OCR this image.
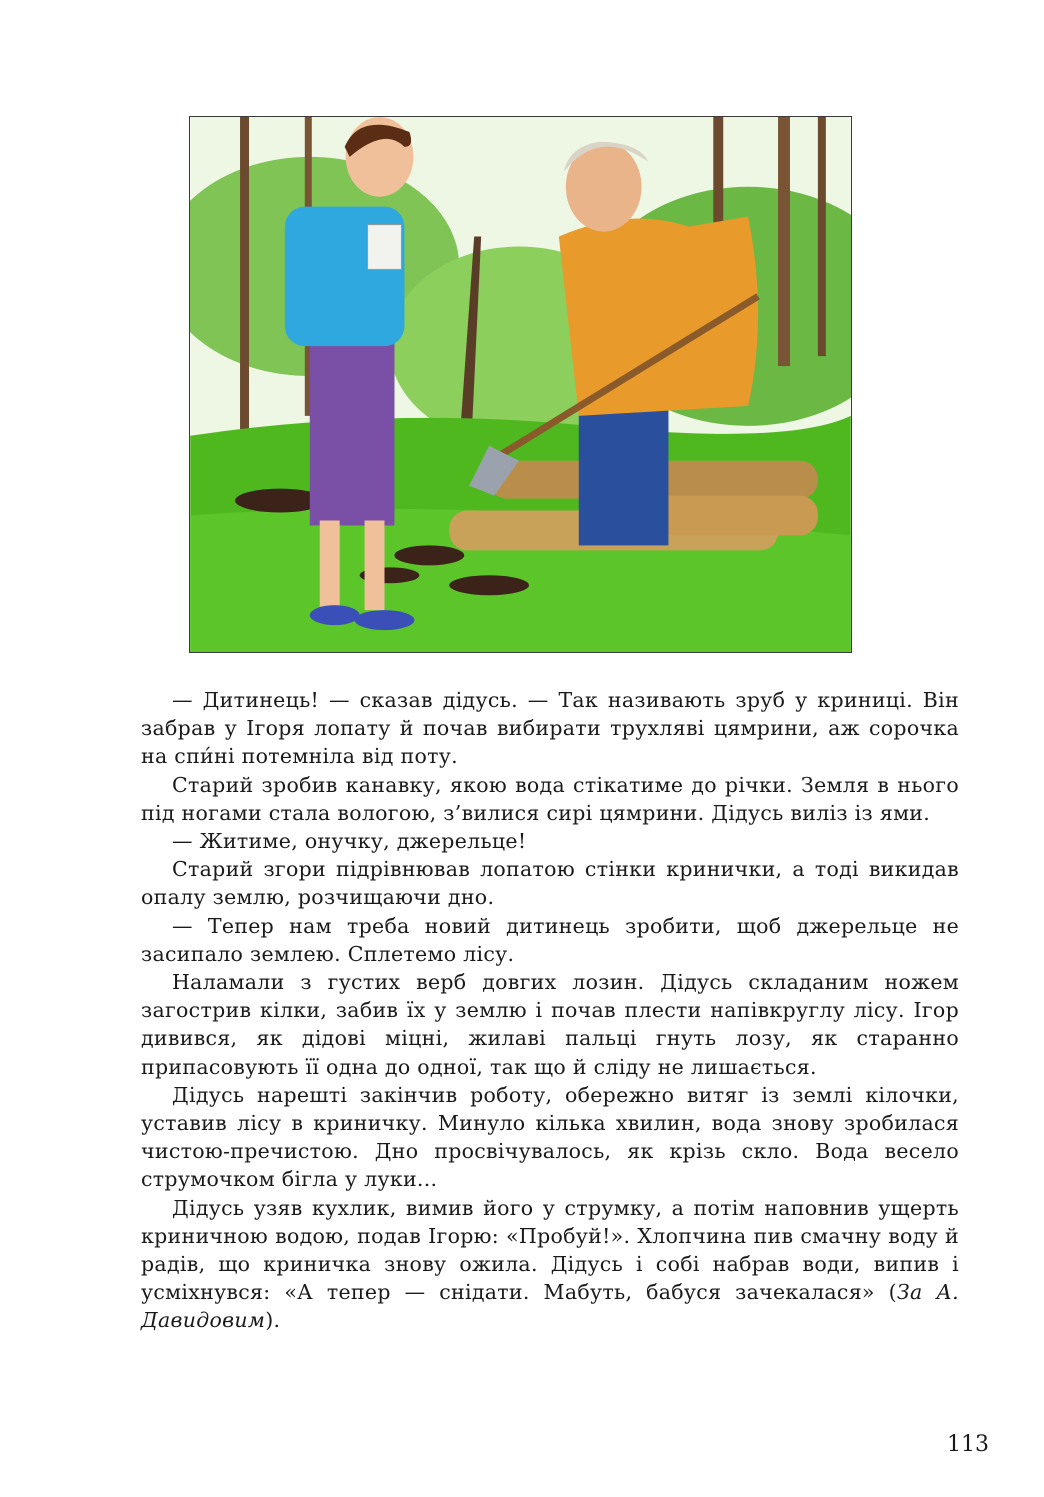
— Дитинець! — сказав дідусь. — Так називають зруб у криниці. Він забрав у Ігоря лопату й почав вибирати трухляві цямрини, аж сорочка на спи́ні потемніла від поту.

Старий зробив канавку, якою вода стікатиме до річки. Земля в нього під ногами стала вологою, з’вилися сирі цямрини. Дідусь виліз із ями.

— Житиме, онучку, джерельце!

Старий згори підрівнював лопатою стінки кринички, а тоді викидав опалу землю, розчищаючи дно.

— Тепер нам треба новий дитинець зробити, щоб джерельце не засипало землею. Сплетемо лісу.

Наламали з густих верб довгих лозин. Дідусь складаним ножем загострив кілки, забив їх у землю і почав плести напівкруглу лісу. Ігор дивився, як дідові міцні, жилаві пальці гнуть лозу, як старанно припасовують її одна до одної, так що й сліду не лишається.

Дідусь нарешті закінчив роботу, обережно витяг із землі кілочки, уставив лісу в криничку. Минуло кілька хвилин, вода знову зробилася чистою-пречистою. Дно просвічувалось, як крізь скло. Вода весело струмочком бігла у луки...

Дідусь узяв кухлик, вимив його у струмку, а потім наповнив ущерть криничною водою, подав Ігорю: «Пробуй!». Хлопчина пив смачну воду й радів, що криничка знову ожила. Дідусь і собі набрав води, випив і усміхнувся: «А тепер — снідати. Мабуть, бабуся зачекалася» (За А. Давидовим).

113
